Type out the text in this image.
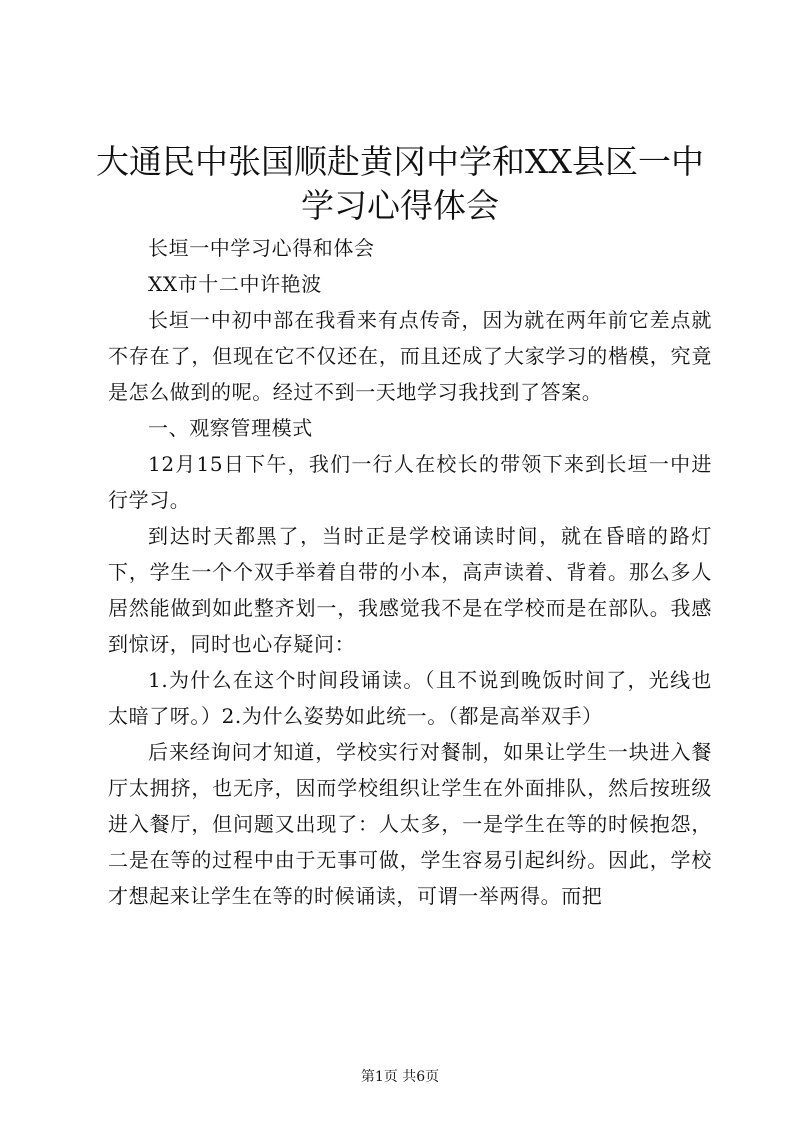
大通民中张国顺赴黄冈中学和XX县区一中学习心得体会

长垣一中学习心得和体会

XX市十二中许艳波

长垣一中初中部在我看来有点传奇，因为就在两年前它差点就不存在了，但现在它不仅还在，而且还成了大家学习的楷模，究竟是怎么做到的呢。经过不到一天地学习我找到了答案。

一、观察管理模式

12月15日下午，我们一行人在校长的带领下来到长垣一中进行学习。

到达时天都黑了，当时正是学校诵读时间，就在昏暗的路灯下，学生一个个双手举着自带的小本，高声读着、背着。那么多人居然能做到如此整齐划一，我感觉我不是在学校而是在部队。我感到惊讶，同时也心存疑问：

1.为什么在这个时间段诵读。（且不说到晚饭时间了，光线也太暗了呀。）2.为什么姿势如此统一。（都是高举双手）

后来经询问才知道，学校实行对餐制，如果让学生一块进入餐厅太拥挤，也无序，因而学校组织让学生在外面排队，然后按班级进入餐厅，但问题又出现了：人太多，一是学生在等的时候抱怨，二是在等的过程中由于无事可做，学生容易引起纠纷。因此，学校才想起来让学生在等的时候诵读，可谓一举两得。而把

第1页 共6页
